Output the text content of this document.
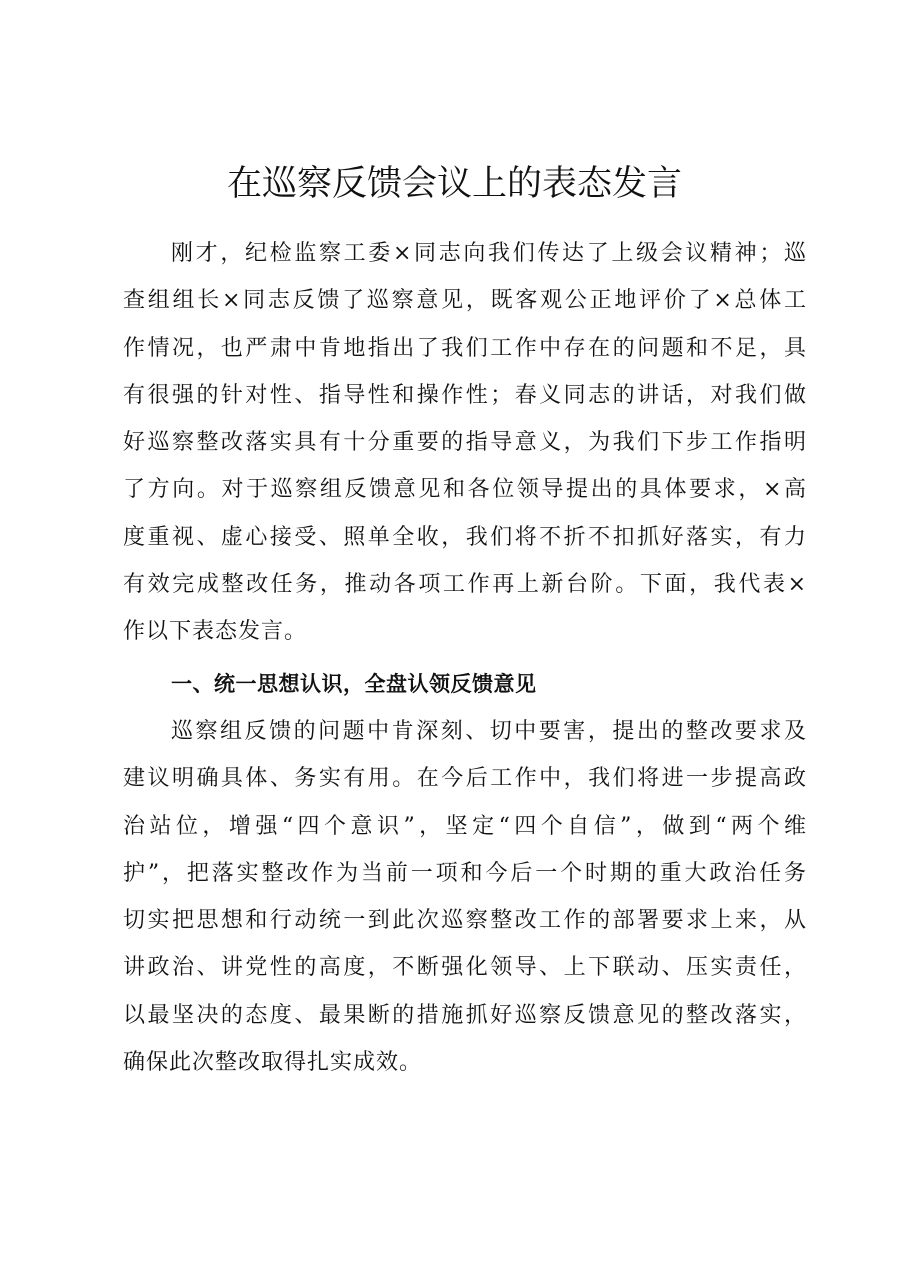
在巡察反馈会议上的表态发言
刚才，纪检监察工委×同志向我们传达了上级会议精神；巡
查组组长×同志反馈了巡察意见，既客观公正地评价了×总体工
作情况，也严肃中肯地指出了我们工作中存在的问题和不足，具
有很强的针对性、指导性和操作性；春义同志的讲话，对我们做
好巡察整改落实具有十分重要的指导意义，为我们下步工作指明
了方向。对于巡察组反馈意见和各位领导提出的具体要求，×高
度重视、虚心接受、照单全收，我们将不折不扣抓好落实，有力
有效完成整改任务，推动各项工作再上新台阶。下面，我代表×
作以下表态发言。
一、统一思想认识，全盘认领反馈意见
巡察组反馈的问题中肯深刻、切中要害，提出的整改要求及
建议明确具体、务实有用。在今后工作中，我们将进一步提高政
治站位，增强“四个意识”，坚定“四个自信”，做到“两个维
护”，把落实整改作为当前一项和今后一个时期的重大政治任务
切实把思想和行动统一到此次巡察整改工作的部署要求上来，从
讲政治、讲党性的高度，不断强化领导、上下联动、压实责任，
以最坚决的态度、最果断的措施抓好巡察反馈意见的整改落实，
确保此次整改取得扎实成效。
